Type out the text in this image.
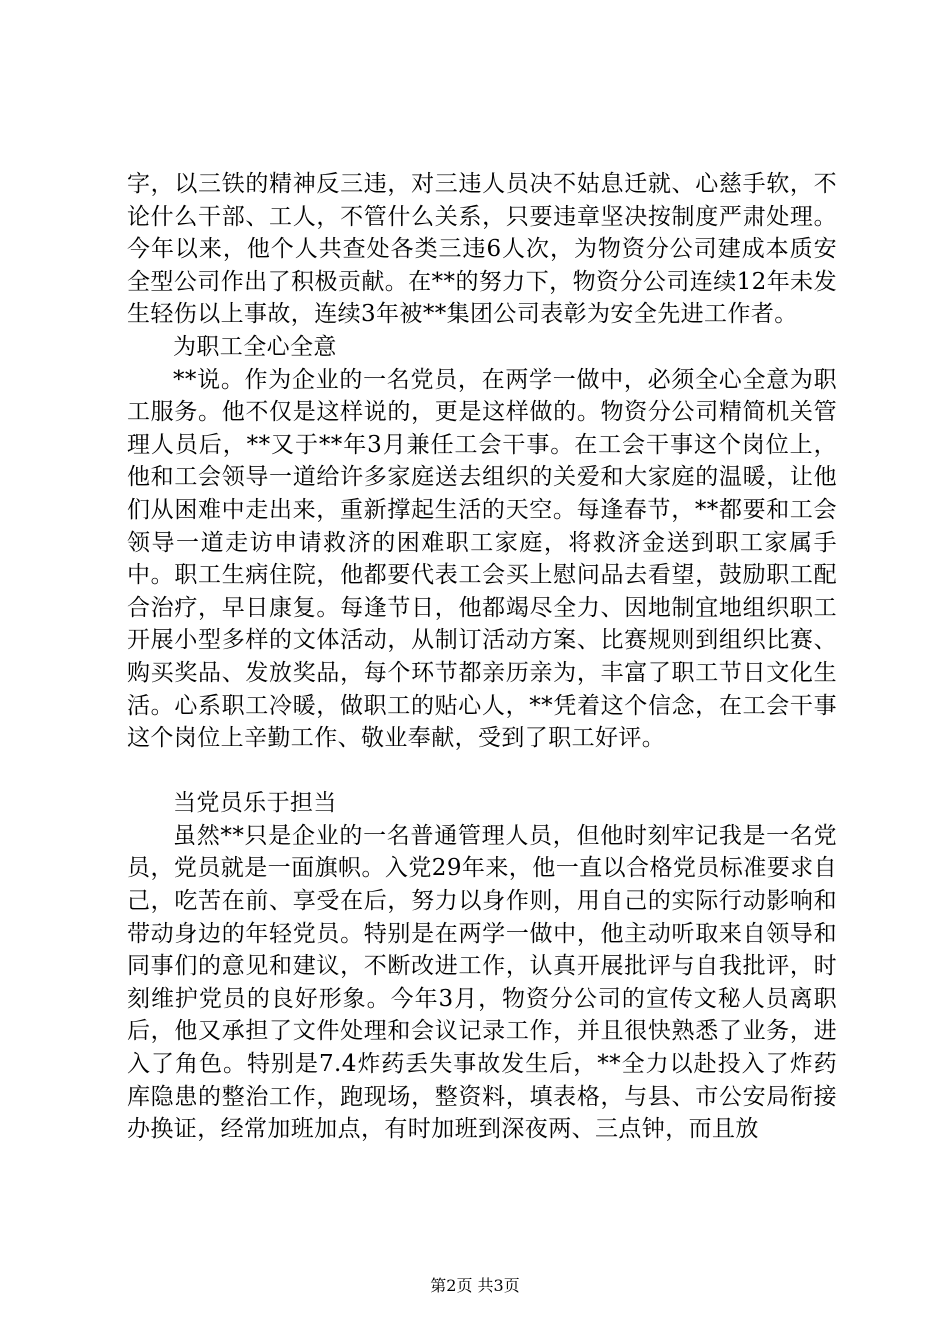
字，以三铁的精神反三违，对三违人员决不姑息迁就、心慈手软，不论什么干部、工人，不管什么关系，只要违章坚决按制度严肃处理。今年以来，他个人共查处各类三违6人次，为物资分公司建成本质安全型公司作出了积极贡献。在**的努力下，物资分公司连续12年未发生轻伤以上事故，连续3年被**集团公司表彰为安全先进工作者。

为职工全心全意

**说。作为企业的一名党员，在两学一做中，必须全心全意为职工服务。他不仅是这样说的，更是这样做的。物资分公司精简机关管理人员后，**又于**年3月兼任工会干事。在工会干事这个岗位上，他和工会领导一道给许多家庭送去组织的关爱和大家庭的温暖，让他们从困难中走出来，重新撑起生活的天空。每逢春节，**都要和工会领导一道走访申请救济的困难职工家庭，将救济金送到职工家属手中。职工生病住院，他都要代表工会买上慰问品去看望，鼓励职工配合治疗，早日康复。每逢节日，他都竭尽全力、因地制宜地组织职工开展小型多样的文体活动，从制订活动方案、比赛规则到组织比赛、购买奖品、发放奖品，每个环节都亲历亲为，丰富了职工节日文化生活。心系职工冷暖，做职工的贴心人，**凭着这个信念，在工会干事这个岗位上辛勤工作、敬业奉献，受到了职工好评。

当党员乐于担当

虽然**只是企业的一名普通管理人员，但他时刻牢记我是一名党员，党员就是一面旗帜。入党29年来，他一直以合格党员标准要求自己，吃苦在前、享受在后，努力以身作则，用自己的实际行动影响和带动身边的年轻党员。特别是在两学一做中，他主动听取来自领导和同事们的意见和建议，不断改进工作，认真开展批评与自我批评，时刻维护党员的良好形象。今年3月，物资分公司的宣传文秘人员离职后，他又承担了文件处理和会议记录工作，并且很快熟悉了业务，进入了角色。特别是7.4炸药丢失事故发生后，**全力以赴投入了炸药库隐患的整治工作，跑现场，整资料，填表格，与县、市公安局衔接办换证，经常加班加点，有时加班到深夜两、三点钟，而且放

第2页 共3页
